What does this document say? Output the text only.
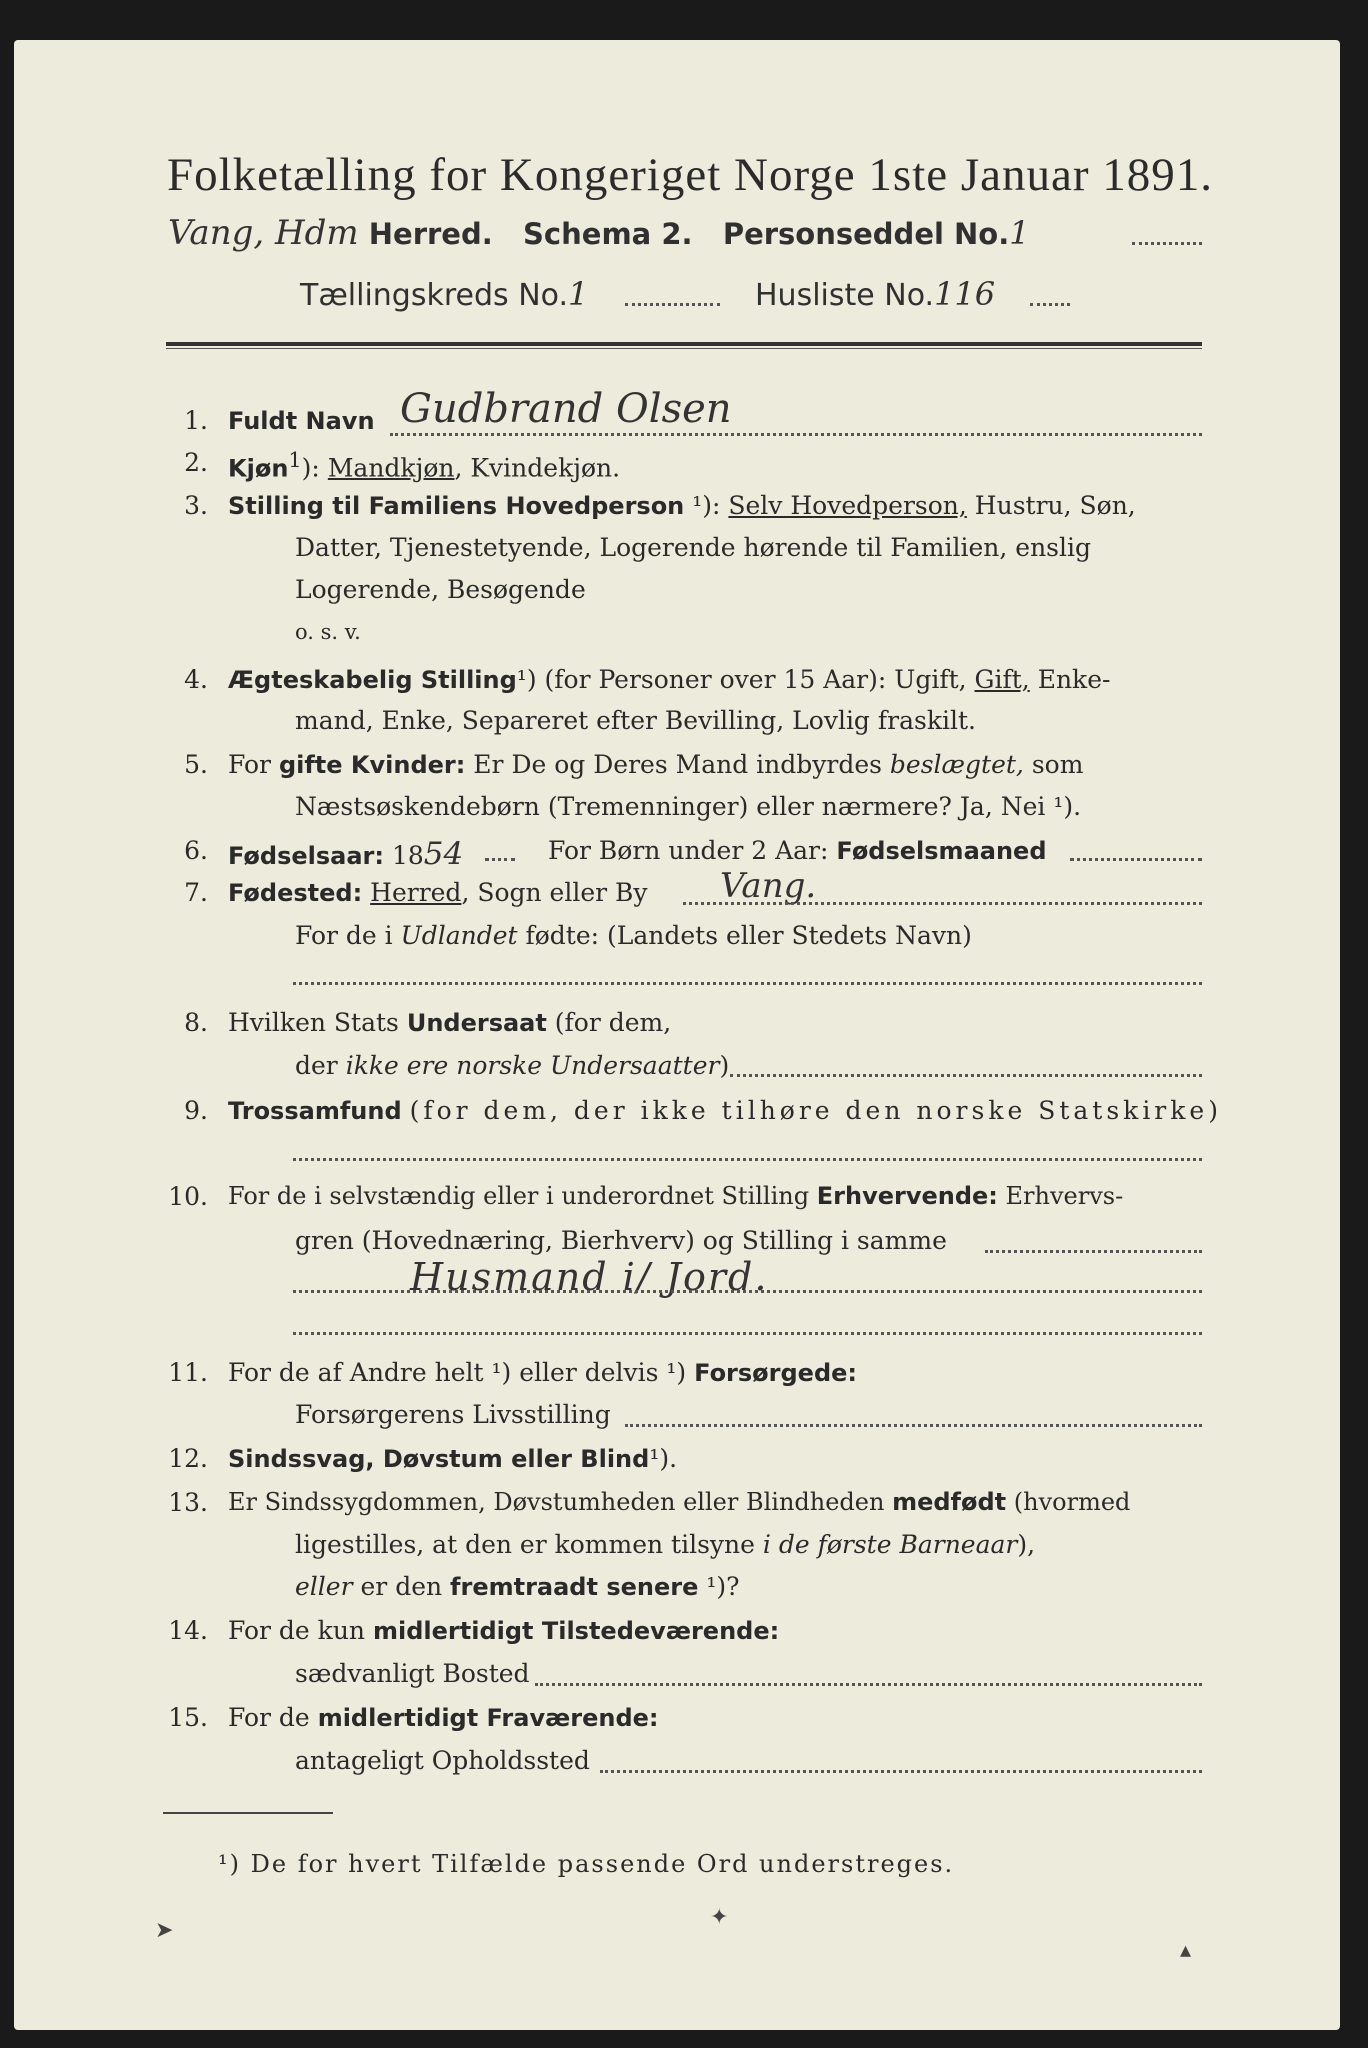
Folketælling for Kongeriget Norge 1ste Januar 1891.
Vang, Hdm Herred. Schema 2. Personseddel No.1
Tællingskreds No.1	Husliste No.116
1. Fuldt Navn Gudbrand Olsen
2. Kjøn$^1$): Mandkjøn, Kvindekjøn.
3. Stilling til Familiens Hovedperson ¹): Selv Hovedperson, Hustru, Søn,
Datter, Tjenestetyende, Logerende hørende til Familien, enslig
Logerende, Besøgende
o. s. v.
4. Ægteskabelig Stilling¹) (for Personer over 15 Aar): Ugift, Gift, Enke-
mand, Enke, Separeret efter Bevilling, Lovlig fraskilt.
5. For gifte Kvinder: Er De og Deres Mand indbyrdes beslægtet, som
Næstsøskendebørn (Tremenninger) eller nærmere? Ja, Nei ¹).
6. Fødselsaar: 1854	For Børn under 2 Aar: Fødselsmaaned
7. Fødested: Herred, Sogn eller By Vang.
For de i Udlandet fødte: (Landets eller Stedets Navn)
8. Hvilken Stats Undersaat (for dem,
der ikke ere norske Undersaatter)
9. Trossamfund (for dem, der ikke tilhøre den norske Statskirke)
10. For de i selvstændig eller i underordnet Stilling Erhvervende: Erhvervs-
gren (Hovednæring, Bierhverv) og Stilling i samme
Husmand i/ Jord.
11. For de af Andre helt ¹) eller delvis ¹) Forsørgede:
Forsørgerens Livsstilling
12. Sindssvag, Døvstum eller Blind¹).
13. Er Sindssygdommen, Døvstumheden eller Blindheden medfødt (hvormed
ligestilles, at den er kommen tilsyne i de første Barneaar),
eller er den fremtraadt senere ¹)?
14. For de kun midlertidigt Tilstedeværende:
sædvanligt Bosted
15. For de midlertidigt Fraværende:
antageligt Opholdssted
¹) De for hvert Tilfælde passende Ord understreges.
➤
✦
▴
